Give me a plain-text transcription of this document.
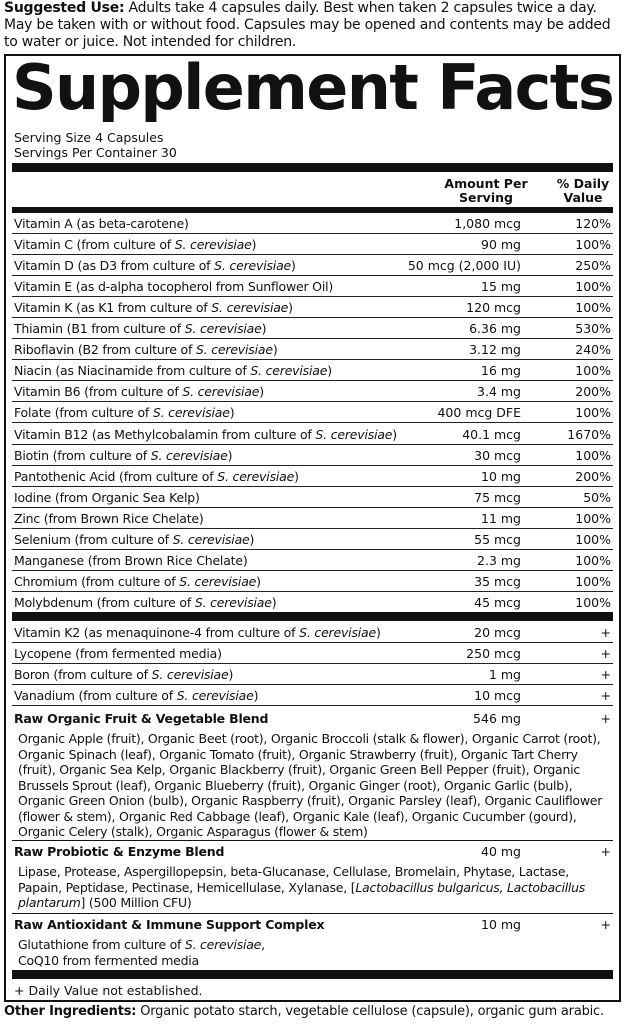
Suggested Use: Adults take 4 capsules daily. Best when taken 2 capsules twice a day. May be taken with or without food. Capsules may be opened and contents may be added to water or juice. Not intended for children.
Supplement Facts
Serving Size 4 Capsules
Servings Per Container 30
Amount Per Serving
% Daily Value
Vitamin A (as beta-carotene)	1,080 mcg	120%
Vitamin C (from culture of S. cerevisiae)	90 mg	100%
Vitamin D (as D3 from culture of S. cerevisiae)	50 mcg (2,000 IU)	250%
Vitamin E (as d-alpha tocopherol from Sunflower Oil)	15 mg	100%
Vitamin K (as K1 from culture of S. cerevisiae)	120 mcg	100%
Thiamin (B1 from culture of S. cerevisiae)	6.36 mg	530%
Riboflavin (B2 from culture of S. cerevisiae)	3.12 mg	240%
Niacin (as Niacinamide from culture of S. cerevisiae)	16 mg	100%
Vitamin B6 (from culture of S. cerevisiae)	3.4 mg	200%
Folate (from culture of S. cerevisiae)	400 mcg DFE	100%
Vitamin B12 (as Methylcobalamin from culture of S. cerevisiae)	40.1 mcg	1670%
Biotin (from culture of S. cerevisiae)	30 mcg	100%
Pantothenic Acid (from culture of S. cerevisiae)	10 mg	200%
Iodine (from Organic Sea Kelp)	75 mcg	50%
Zinc (from Brown Rice Chelate)	11 mg	100%
Selenium (from culture of S. cerevisiae)	55 mcg	100%
Manganese (from Brown Rice Chelate)	2.3 mg	100%
Chromium (from culture of S. cerevisiae)	35 mcg	100%
Molybdenum (from culture of S. cerevisiae)	45 mcg	100%
Vitamin K2 (as menaquinone-4 from culture of S. cerevisiae)	20 mcg	+
Lycopene (from fermented media)	250 mcg	+
Boron (from culture of S. cerevisiae)	1 mg	+
Vanadium (from culture of S. cerevisiae)	10 mcg	+
Raw Organic Fruit & Vegetable Blend	546 mg	+
Organic Apple (fruit), Organic Beet (root), Organic Broccoli (stalk & flower), Organic Carrot (root), Organic Spinach (leaf), Organic Tomato (fruit), Organic Strawberry (fruit), Organic Tart Cherry (fruit), Organic Sea Kelp, Organic Blackberry (fruit), Organic Green Bell Pepper (fruit), Organic Brussels Sprout (leaf), Organic Blueberry (fruit), Organic Ginger (root), Organic Garlic (bulb), Organic Green Onion (bulb), Organic Raspberry (fruit), Organic Parsley (leaf), Organic Cauliflower (flower & stem), Organic Red Cabbage (leaf), Organic Kale (leaf), Organic Cucumber (gourd), Organic Celery (stalk), Organic Asparagus (flower & stem)
Raw Probiotic & Enzyme Blend	40 mg	+
Lipase, Protease, Aspergillopepsin, beta-Glucanase, Cellulase, Bromelain, Phytase, Lactase, Papain, Peptidase, Pectinase, Hemicellulase, Xylanase, [Lactobacillus bulgaricus, Lactobacillus plantarum] (500 Million CFU)
Raw Antioxidant & Immune Support Complex	10 mg	+
Glutathione from culture of S. cerevisiae,
CoQ10 from fermented media
+ Daily Value not established.
Other Ingredients: Organic potato starch, vegetable cellulose (capsule), organic gum arabic.
